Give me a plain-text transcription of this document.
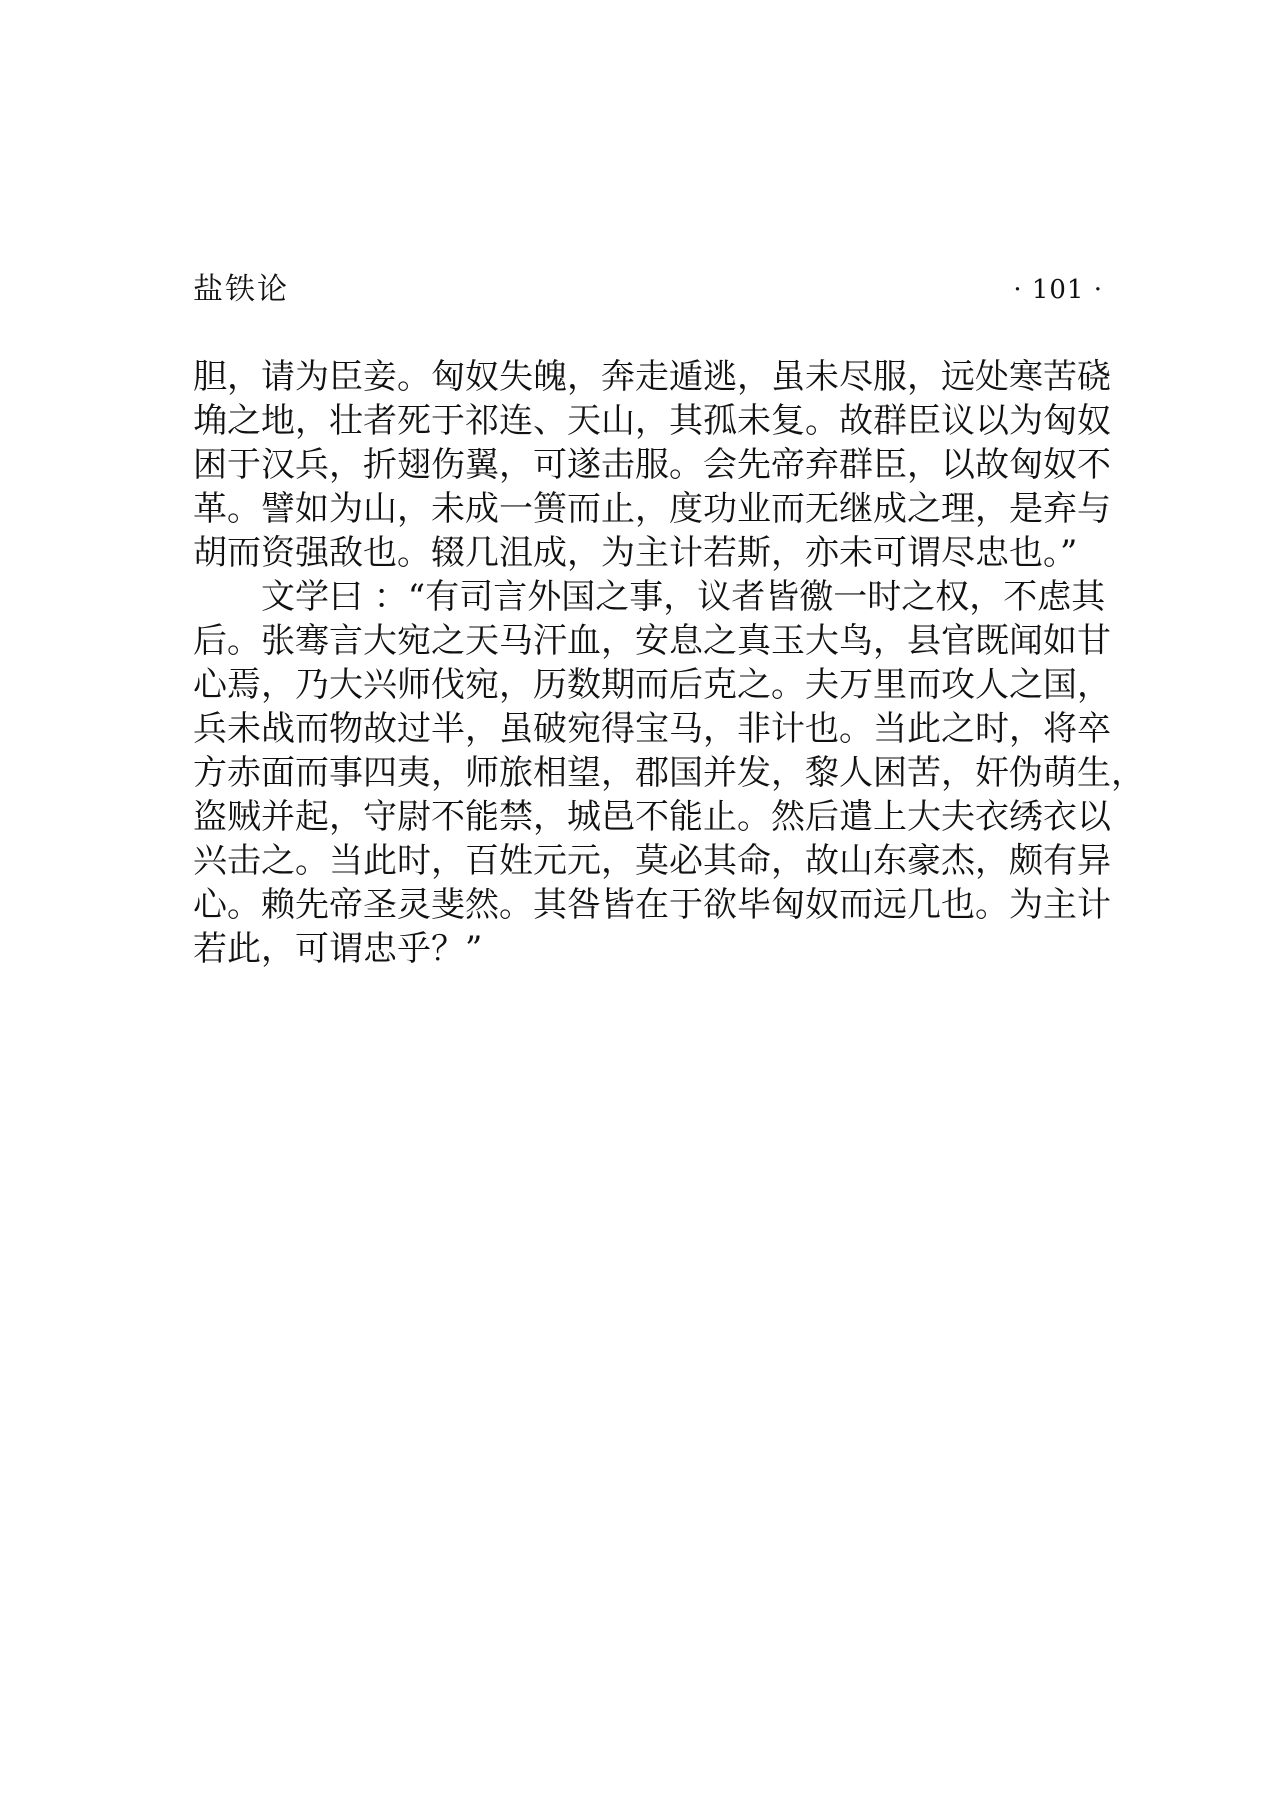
盐铁论	· 101 ·
胆，请为臣妾。匈奴失魄，奔走遁逃，虽未尽服，远处寒苦硗
埆之地，壮者死于祁连、天山，其孤未复。故群臣议以为匈奴
困于汉兵，折翅伤翼，可遂击服。会先帝弃群臣，以故匈奴不
革。譬如为山，未成一篑而止，度功业而无继成之理，是弃与
胡而资强敌也。辍几沮成，为主计若斯，亦未可谓尽忠也。”
文学曰 ：“有司言外国之事，议者皆徼一时之权，不虑其
后。张骞言大宛之天马汗血，安息之真玉大鸟，县官既闻如甘
心焉，乃大兴师伐宛，历数期而后克之。夫万里而攻人之国，
兵未战而物故过半，虽破宛得宝马，非计也。当此之时，将卒
方赤面而事四夷，师旅相望，郡国并发，黎人困苦，奸伪萌生，
盗贼并起，守尉不能禁，城邑不能止。然后遣上大夫衣绣衣以
兴击之。当此时，百姓元元，莫必其命，故山东豪杰，颇有异
心。赖先帝圣灵斐然。其咎皆在于欲毕匈奴而远几也。为主计
若此，可谓忠乎？”
